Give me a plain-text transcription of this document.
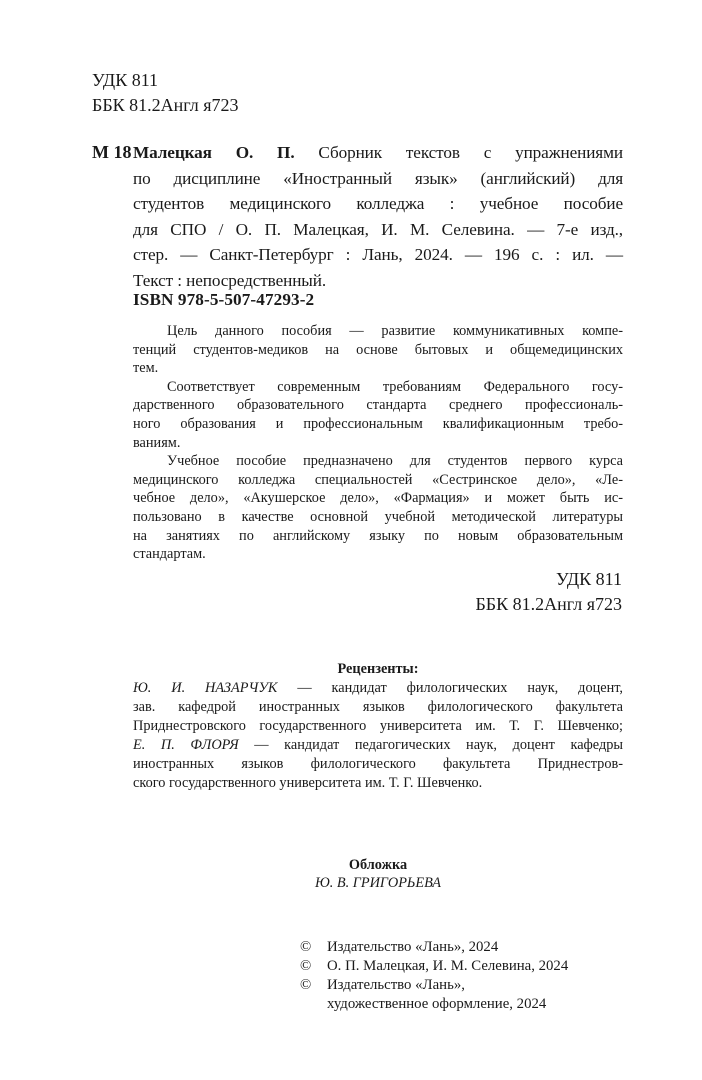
УДК 811
ББК 81.2Англ я723
М 18 Малецкая О. П. Сборник текстов с упражнениями
по дисциплине «Иностранный язык» (английский) для
студентов медицинского колледжа : учебное пособие
для СПО / О. П. Малецкая, И. М. Селевина. — 7-е изд.,
стер. — Санкт-Петербург : Лань, 2024. — 196 с. : ил. —
Текст : непосредственный.
ISBN 978-5-507-47293-2
Цель данного пособия — развитие коммуникативных компе-
тенций студентов-медиков на основе бытовых и общемедицинских
тем.
Соответствует современным требованиям Федерального госу-
дарственного образовательного стандарта среднего профессиональ-
ного образования и профессиональным квалификационным требо-
ваниям.
Учебное пособие предназначено для студентов первого курса
медицинского колледжа специальностей «Сестринское дело», «Ле-
чебное дело», «Акушерское дело», «Фармация» и может быть ис-
пользовано в качестве основной учебной методической литературы
на занятиях по английскому языку по новым образовательным
стандартам.
УДК 811
ББК 81.2Англ я723
Рецензенты:
Ю. И. НАЗАРЧУК — кандидат филологических наук, доцент,
зав. кафедрой иностранных языков филологического факультета
Приднестровского государственного университета им. Т. Г. Шевченко;
Е. П. ФЛОРЯ — кандидат педагогических наук, доцент кафедры
иностранных языков филологического факультета Приднестров-
ского государственного университета им. Т. Г. Шевченко.
Обложка
Ю. В. ГРИГОРЬЕВА
©	Издательство «Лань», 2024
©	О. П. Малецкая, И. М. Селевина, 2024
©	Издательство «Лань»,
художественное оформление, 2024
